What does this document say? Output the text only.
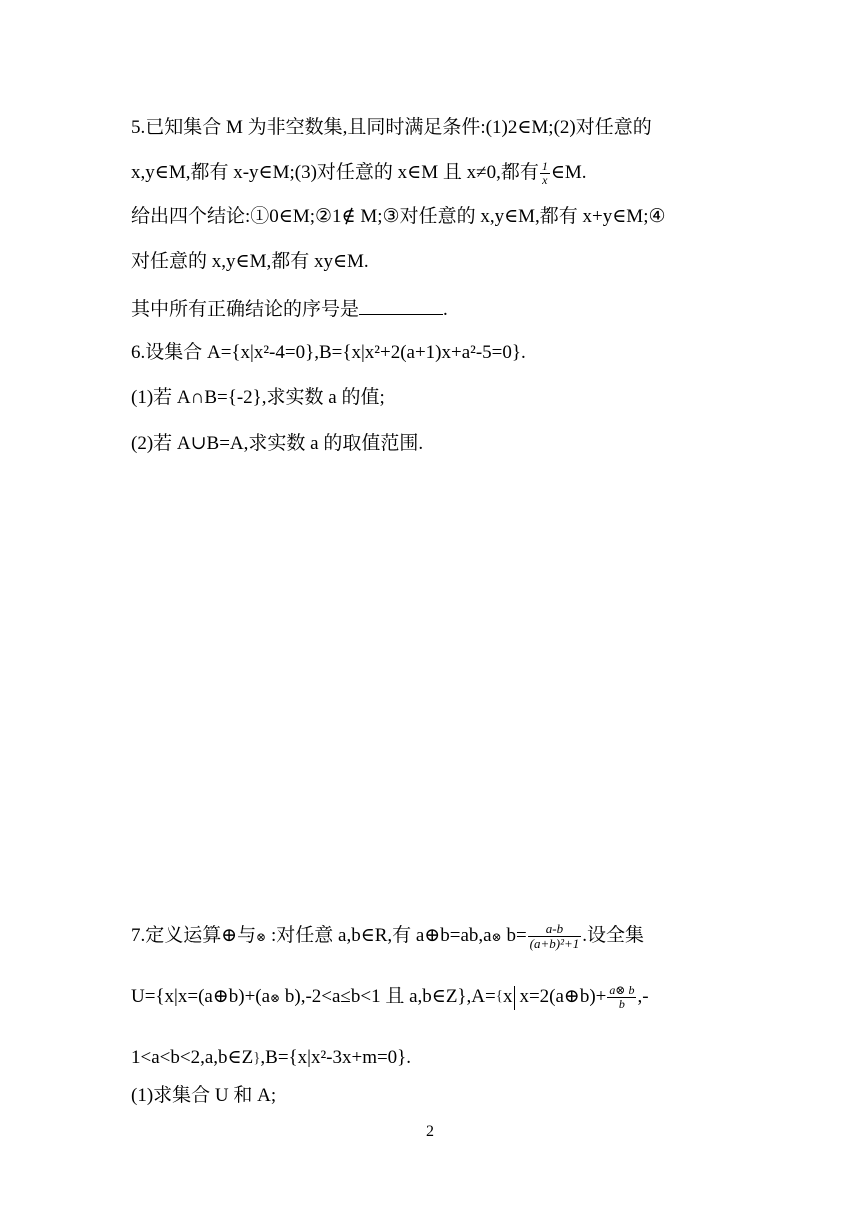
5.已知集合 M 为非空数集,且同时满足条件:(1)2∈M;(2)对任意的
x,y∈M,都有 x-y∈M;(3)对任意的 x∈M 且 x≠0,都有 $\frac{1}{x}$ ∈M.
给出四个结论:①0∈M;②1∉ M;③对任意的 x,y∈M,都有 x+y∈M;④
对任意的 x,y∈M,都有 xy∈M.
其中所有正确结论的序号是	.
6.设集合 A={x|x²-4=0},B={x|x²+2(a+1)x+a²-5=0}.
(1)若 A∩B={-2},求实数 a 的值;
(2)若 A∪B=A,求实数 a 的取值范围.
7.定义运算⊕与⊗ :对任意 a,b∈R,有 a⊕b=ab,a⊗ $b= \frac{a-b}{\text{(a+b)²+1}}$ .设全集
U={x|x=(a⊕b)+(a⊗ b),-2<a≤b<1 且 a,b∈Z},A={x x=2(a⊕b)+ $\frac{a\otimes b}{b}$ ,-
1<a<b<2,a,b∈Z},B={x|x²-3x+m=0}.
(1)求集合 U 和 A;
2
